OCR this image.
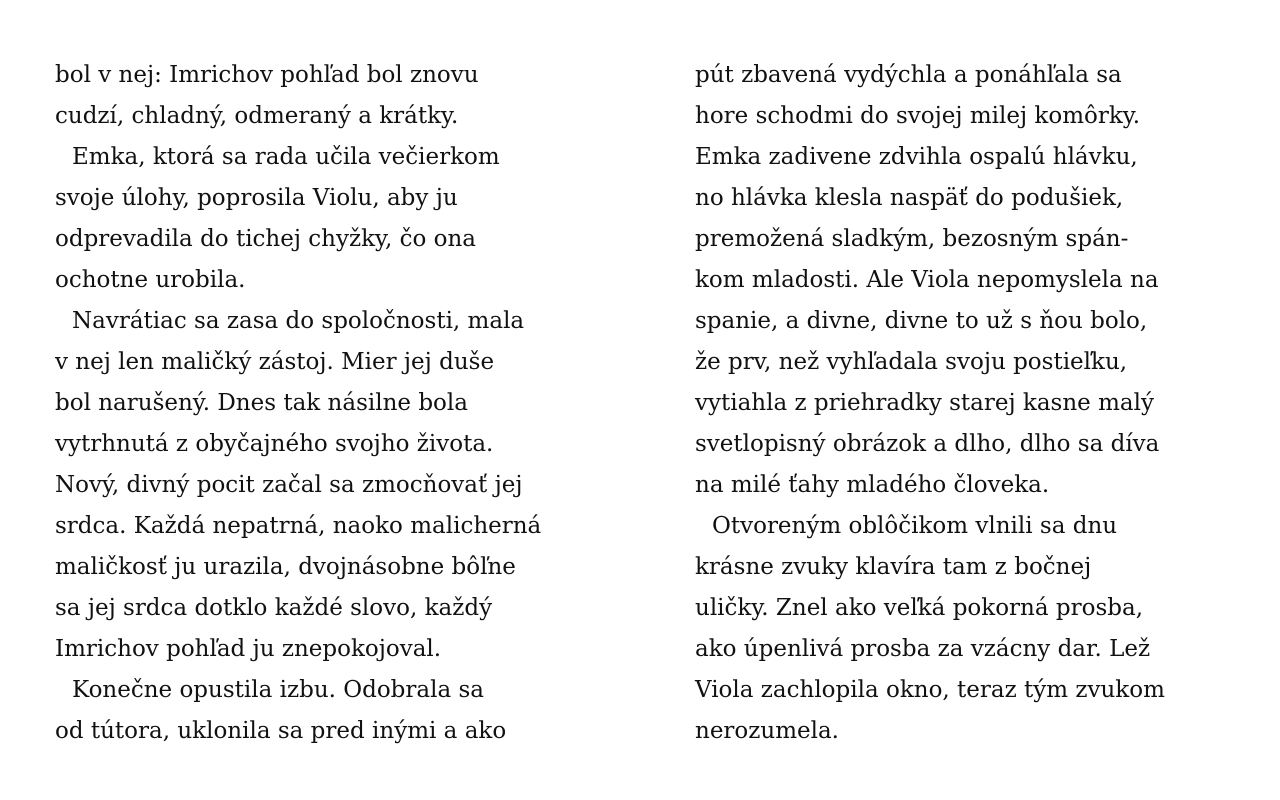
bol v nej: Imrichov pohľad bol znovu
cudzí, chladný, odmeraný a krátky.
Emka, ktorá sa rada učila večierkom
svoje úlohy, poprosila Violu, aby ju
odprevadila do tichej chyžky, čo ona
ochotne urobila.
Navrátiac sa zasa do spoločnosti, mala
v nej len maličký zástoj. Mier jej duše
bol narušený. Dnes tak násilne bola
vytrhnutá z obyčajného svojho života.
Nový, divný pocit začal sa zmocňovať jej
srdca. Každá nepatrná, naoko malicherná
maličkosť ju urazila, dvojnásobne bôľne
sa jej srdca dotklo každé slovo, každý
Imrichov pohľad ju znepokojoval.
Konečne opustila izbu. Odobrala sa
od tútora, uklonila sa pred inými a ako
pút zbavená vydýchla a ponáhľala sa
hore schodmi do svojej milej komôrky.
Emka zadivene zdvihla ospalú hlávku,
no hlávka klesla naspäť do podušiek,
premožená sladkým, bezosným spán-
kom mladosti. Ale Viola nepomyslela na
spanie, a divne, divne to už s ňou bolo,
že prv, než vyhľadala svoju postieľku,
vytiahla z priehradky starej kasne malý
svetlopisný obrázok a dlho, dlho sa díva
na milé ťahy mladého človeka.
Otvoreným oblôčikom vlnili sa dnu
krásne zvuky klavíra tam z bočnej
uličky. Znel ako veľká pokorná prosba,
ako úpenlivá prosba za vzácny dar. Lež
Viola zachlopila okno, teraz tým zvukom
nerozumela.
